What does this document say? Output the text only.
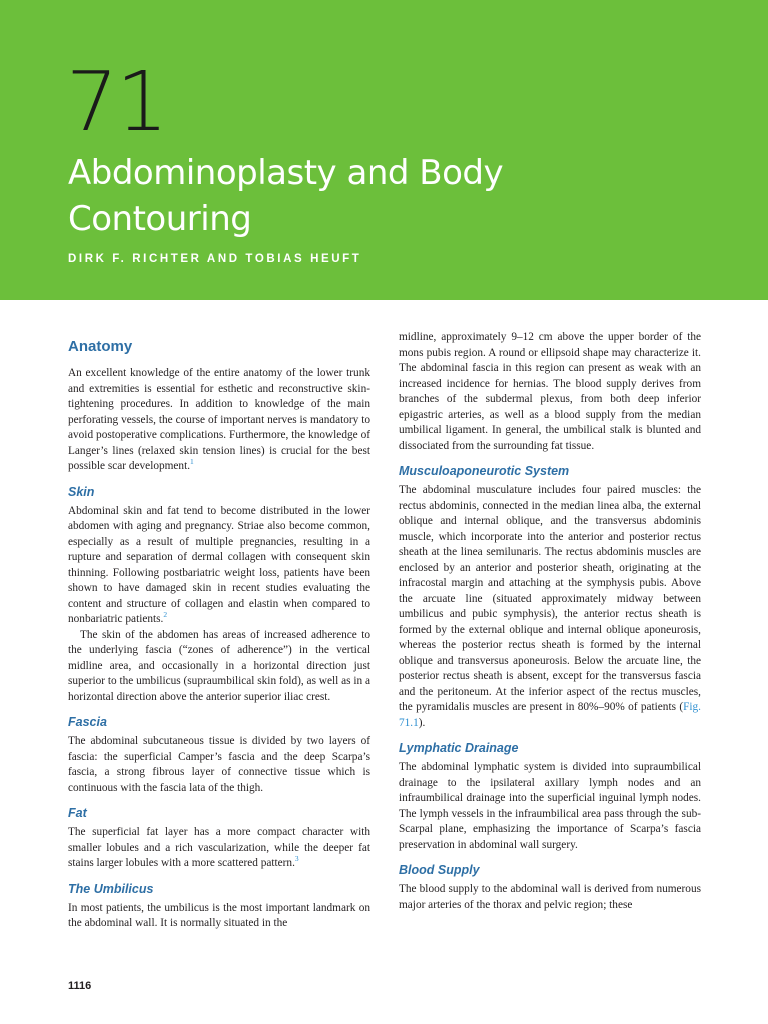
71
Abdominoplasty and Body
Contouring
DIRK F. RICHTER AND TOBIAS HEUFT
Anatomy

An excellent knowledge of the entire anatomy of the lower trunk and extremities is essential for esthetic and reconstructive skin-tightening procedures. In addition to knowledge of the main perforating vessels, the course of important nerves is mandatory to avoid postoperative complications. Furthermore, the knowledge of Langer’s lines (relaxed skin tension lines) is crucial for the best possible scar development.$^1$

Skin

Abdominal skin and fat tend to become distributed in the lower abdomen with aging and pregnancy. Striae also become common, especially as a result of multiple pregnancies, resulting in a rupture and separation of dermal collagen with consequent skin thinning. Following postbariatric weight loss, patients have been shown to have damaged skin in recent studies evaluating the content and structure of collagen and elastin when compared to nonbariatric patients.$^2$

The skin of the abdomen has areas of increased adherence to the underlying fascia (“zones of adherence”) in the vertical midline area, and occasionally in a horizontal direction just superior to the umbilicus (supraumbilical skin fold), as well as in a horizontal direction above the anterior superior iliac crest.

Fascia

The abdominal subcutaneous tissue is divided by two layers of fascia: the superficial Camper’s fascia and the deep Scarpa’s fascia, a strong fibrous layer of connective tissue which is continuous with the fascia lata of the thigh.

Fat

The superficial fat layer has a more compact character with smaller lobules and a rich vascularization, while the deeper fat stains larger lobules with a more scattered pattern.$^3$

The Umbilicus

In most patients, the umbilicus is the most important landmark on the abdominal wall. It is normally situated in the

midline, approximately 9–12 cm above the upper border of the mons pubis region. A round or ellipsoid shape may characterize it. The abdominal fascia in this region can present as weak with an increased incidence for hernias. The blood supply derives from branches of the subdermal plexus, from both deep inferior epigastric arteries, as well as a blood supply from the median umbilical ligament. In general, the umbilical stalk is blunted and dissociated from the surrounding fat tissue.

Musculoaponeurotic System

The abdominal musculature includes four paired muscles: the rectus abdominis, connected in the median linea alba, the external oblique and internal oblique, and the transversus abdominis muscle, which incorporate into the anterior and posterior rectus sheath at the linea semilunaris. The rectus abdominis muscles are enclosed by an anterior and posterior sheath, originating at the infracostal margin and attaching at the symphysis pubis. Above the arcuate line (situated approximately midway between umbilicus and pubic symphysis), the anterior rectus sheath is formed by the external oblique and internal oblique aponeurosis, whereas the posterior rectus sheath is formed by the internal oblique and transversus aponeurosis. Below the arcuate line, the posterior rectus sheath is absent, except for the transversus fascia and the peritoneum. At the inferior aspect of the rectus muscles, the pyramidalis muscles are present in 80%–90% of patients (Fig. 71.1).

Lymphatic Drainage

The abdominal lymphatic system is divided into supraumbilical drainage to the ipsilateral axillary lymph nodes and an infraumbilical drainage into the superficial inguinal lymph nodes. The lymph vessels in the infraumbilical area pass through the sub-Scarpal plane, emphasizing the importance of Scarpa’s fascia preservation in abdominal wall surgery.

Blood Supply

The blood supply to the abdominal wall is derived from numerous major arteries of the thorax and pelvic region; these

1116
